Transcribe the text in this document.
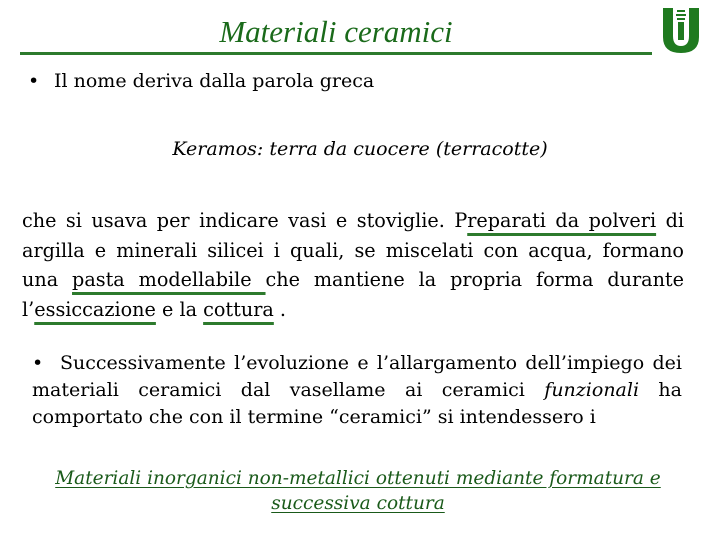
Materiali ceramici
• Il nome deriva dalla parola greca
Keramos: terra da cuocere (terracotte)
che si usava per indicare vasi e stoviglie. Preparati da polveri di argilla e minerali silicei i quali, se miscelati con acqua, formano una pasta modellabile che mantiene la propria forma durante l’essiccazione e la cottura .
• Successivamente l’evoluzione e l’allargamento dell’impiego dei materiali ceramici dal vasellame ai ceramici funzionali ha comportato che con il termine “ceramici” si intendessero i
Materiali inorganici non-metallici ottenuti mediante formatura e successiva cottura
